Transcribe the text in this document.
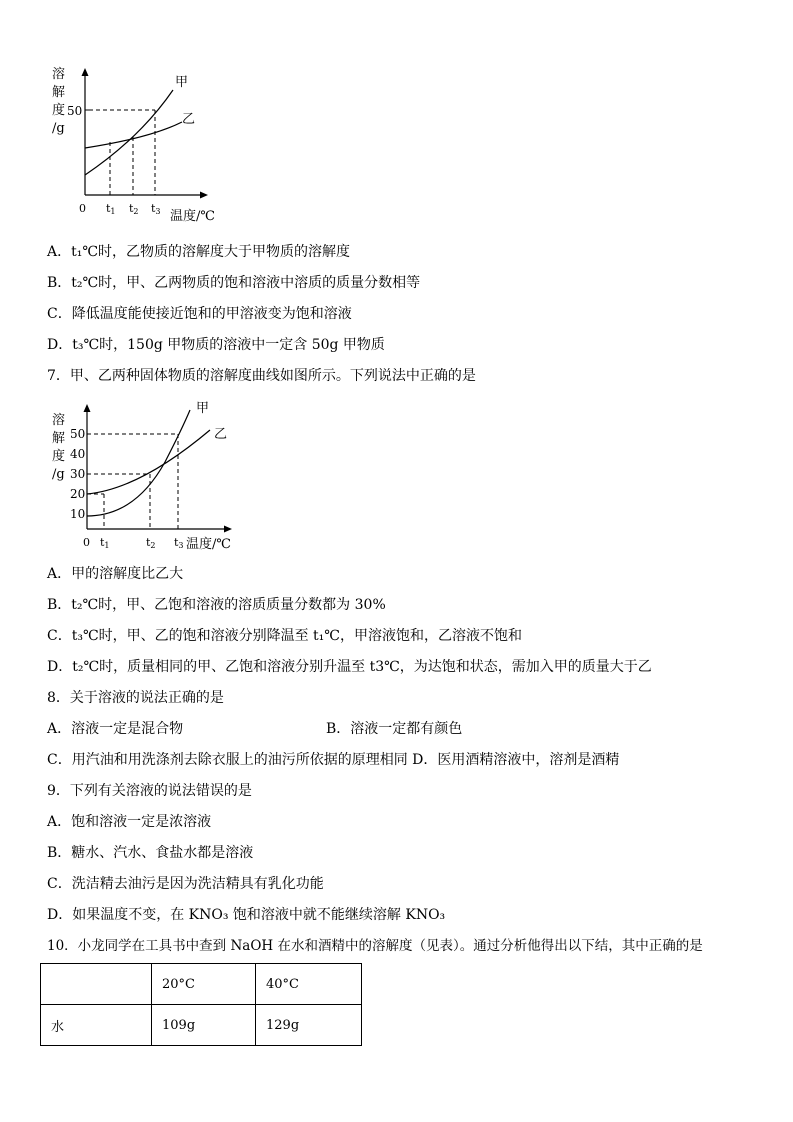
溶
解
度
/g
50
甲
乙
0 t1 t2 t3 温度/℃
A．t₁℃时，乙物质的溶解度大于甲物质的溶解度
B．t₂℃时，甲、乙两物质的饱和溶液中溶质的质量分数相等
C．降低温度能使接近饱和的甲溶液变为饱和溶液
D．t₃℃时，150g 甲物质的溶液中一定含 50g 甲物质
7．甲、乙两种固体物质的溶解度曲线如图所示。下列说法中正确的是
溶
解
度
/g
50
40
30
20
10
甲
乙
0 t1	t2 t3 温度/℃
A．甲的溶解度比乙大
B．t₂℃时，甲、乙饱和溶液的溶质质量分数都为 30%
C．t₃℃时，甲、乙的饱和溶液分别降温至 t₁℃，甲溶液饱和，乙溶液不饱和
D．t₂℃时，质量相同的甲、乙饱和溶液分别升温至 t3℃，为达饱和状态，需加入甲的质量大于乙
8．关于溶液的说法正确的是
A．溶液一定是混合物	B．溶液一定都有颜色
C．用汽油和用洗涤剂去除衣服上的油污所依据的原理相同 D．医用酒精溶液中，溶剂是酒精
9．下列有关溶液的说法错误的是
A．饱和溶液一定是浓溶液
B．糖水、汽水、食盐水都是溶液
C．洗洁精去油污是因为洗洁精具有乳化功能
D．如果温度不变，在 KNO₃ 饱和溶液中就不能继续溶解 KNO₃
10．小龙同学在工具书中查到 NaOH 在水和酒精中的溶解度（见表）。通过分析他得出以下结，其中正确的是
	20°C	40°C
水	109g	129g
